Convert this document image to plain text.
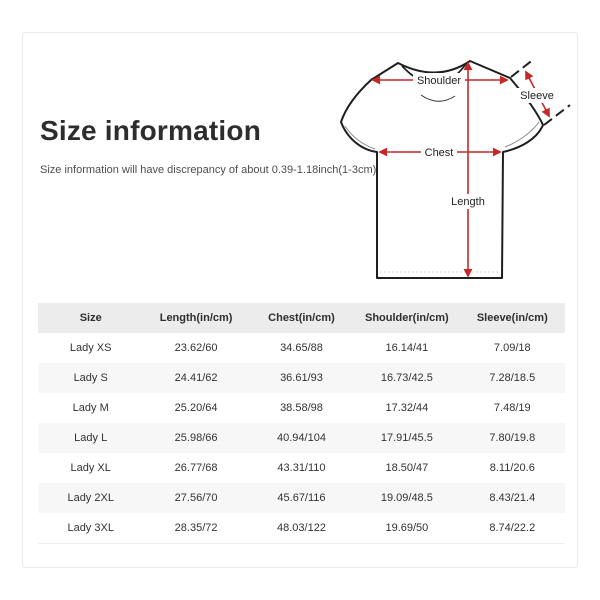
Size information

Size information will have discrepancy of about 0.39-1.18inch(1-3cm)

Shoulder
Chest
Length
Sleeve
Size	Length(in/cm)	Chest(in/cm)	Shoulder(in/cm)	Sleeve(in/cm)
Lady XS	23.62/60	34.65/88	16.14/41	7.09/18
Lady S	24.41/62	36.61/93	16.73/42.5	7.28/18.5
Lady M	25.20/64	38.58/98	17.32/44	7.48/19
Lady L	25.98/66	40.94/104	17.91/45.5	7.80/19.8
Lady XL	26.77/68	43.31/110	18.50/47	8.11/20.6
Lady 2XL	27.56/70	45.67/116	19.09/48.5	8.43/21.4
Lady 3XL	28.35/72	48.03/122	19.69/50	8.74/22.2
